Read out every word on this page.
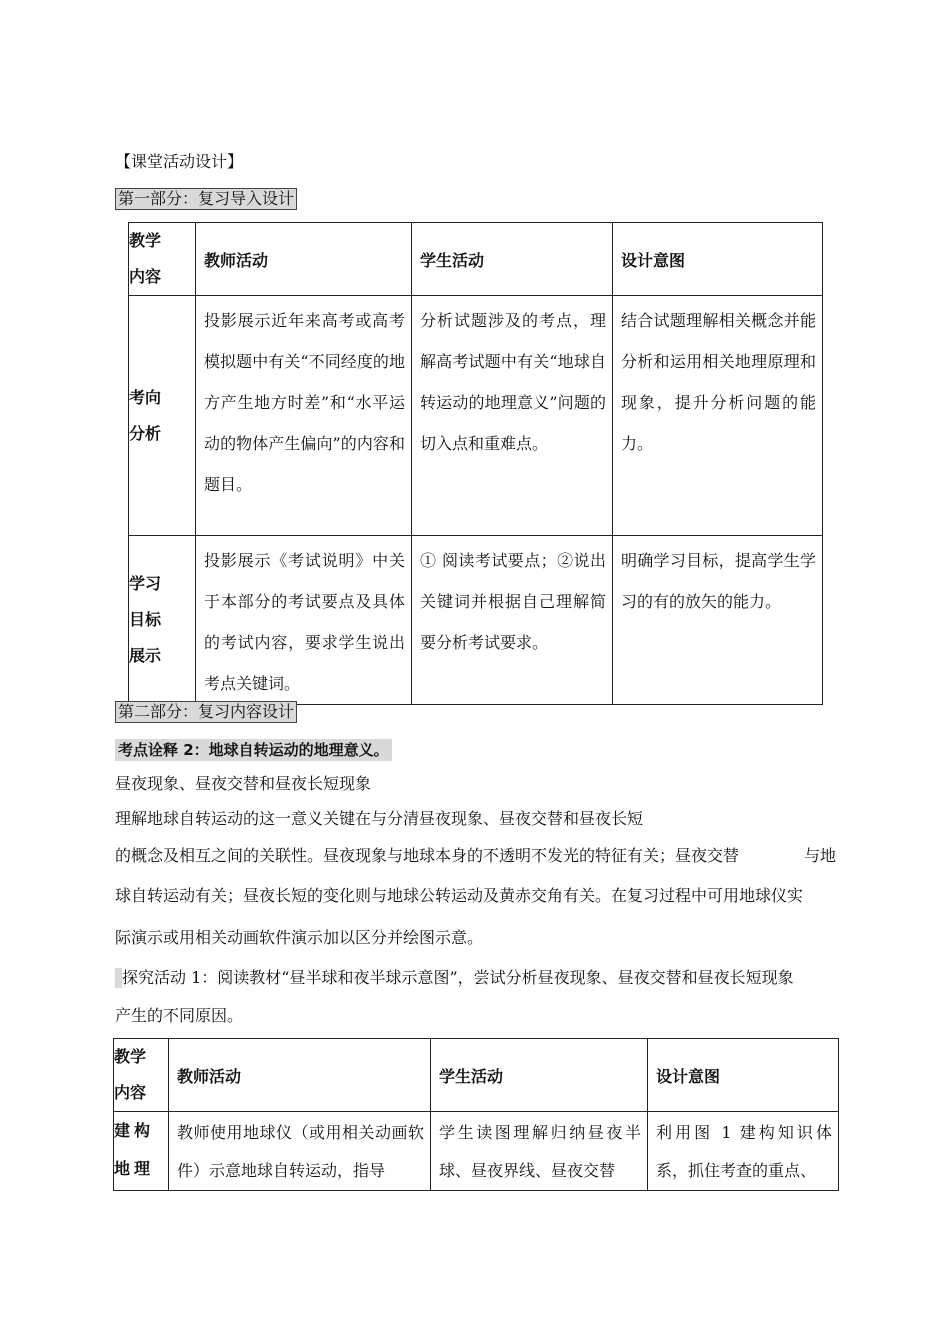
【课堂活动设计】
第一部分：复习导入设计
教学内容	教师活动	学生活动	设计意图

考向分析	投影展示近年来高考或高考模拟题中有关“不同经度的地方产生地方时差”和“水平运动的物体产生偏向”的内容和题目。	分析试题涉及的考点，理解高考试题中有关“地球自转运动的地理意义”问题的切入点和重难点。	结合试题理解相关概念并能分析和运用相关地理原理和现象，提升分析问题的能力。

学习目标展示	投影展示《考试说明》中关于本部分的考试要点及具体的考试内容，要求学生说出考点关键词。	① 阅读考试要点；②说出关键词并根据自己理解简要分析考试要求。	明确学习目标，提高学生学习的有的放矢的能力。
第二部分：复习内容设计
考点诠释 2：地球自转运动的地理意义。
昼夜现象、昼夜交替和昼夜长短现象
理解地球自转运动的这一意义关键在与分清昼夜现象、昼夜交替和昼夜长短
的概念及相互之间的关联性。昼夜现象与地球本身的不透明不发光的特征有关；昼夜交替	与地
球自转运动有关；昼夜长短的变化则与地球公转运动及黄赤交角有关。在复习过程中可用地球仪实
际演示或用相关动画软件演示加以区分并绘图示意。
探究活动 1：阅读教材“昼半球和夜半球示意图”，尝试分析昼夜现象、昼夜交替和昼夜长短现象
产生的不同原因。
教学内容	教师活动	学生活动	设计意图

建构地理	教师使用地球仪（或用相关动画软件）示意地球自转运动，指导	学生读图理解归纳昼夜半球、昼夜界线、昼夜交替	利用图 1 建构知识体系，抓住考查的重点、
